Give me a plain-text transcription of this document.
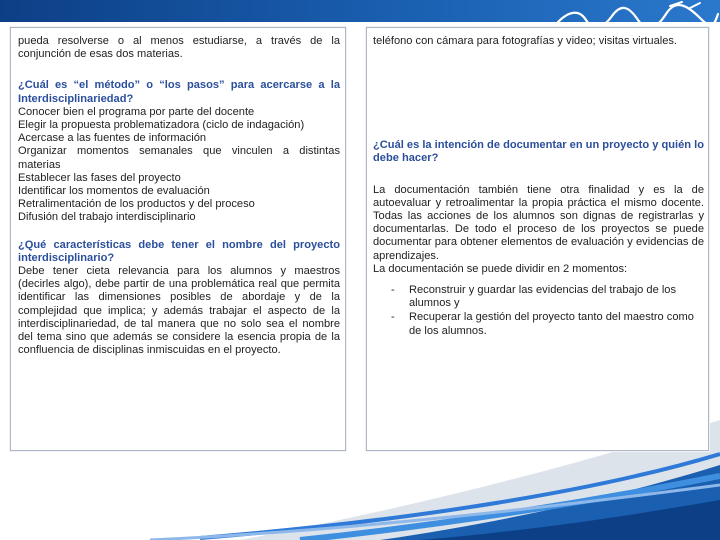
pueda resolverse o al menos estudiarse, a través de la conjunción de esas dos materias.

¿Cuál es “el método” o “los pasos” para acercarse a la Interdisciplinariedad?

Conocer bien el programa por parte del docente
Elegir la propuesta problematizadora (ciclo de indagación)
Acercase a las fuentes de información
Organizar momentos semanales que vinculen a distintas materias
Establecer las fases del proyecto
Identificar los momentos de evaluación
Retralimentación de los productos y del proceso
Difusión del trabajo interdisciplinario

¿Qué características debe tener el nombre del proyecto interdisciplinario?

Debe tener cieta relevancia para los alumnos y maestros (decirles algo), debe partir de una problemática real que permita identificar las dimensiones posibles de abordaje y de la complejidad que implica; y además trabajar el aspecto de la interdisciplinariedad, de tal manera que no solo sea el nombre del tema sino que además se considere la esencia propia de la confluencia de disciplinas inmiscuidas en el proyecto.

teléfono con cámara para fotografías y video; visitas virtuales.

¿Cuál es la intención de documentar en un proyecto y quién lo debe hacer?

La documentación también tiene otra finalidad y es la de autoevaluar y retroalimentar la propia práctica el mismo docente. Todas las acciones de los alumnos son dignas de registrarlas y documentarlas. De todo el proceso de los proyectos se puede documentar para obtener elementos de evaluación y evidencias de aprendizajes.

La documentación se puede dividir en 2 momentos:

- Reconstruir y guardar las evidencias del trabajo de los alumnos y
- Recuperar la gestión del proyecto tanto del maestro como de los alumnos.
